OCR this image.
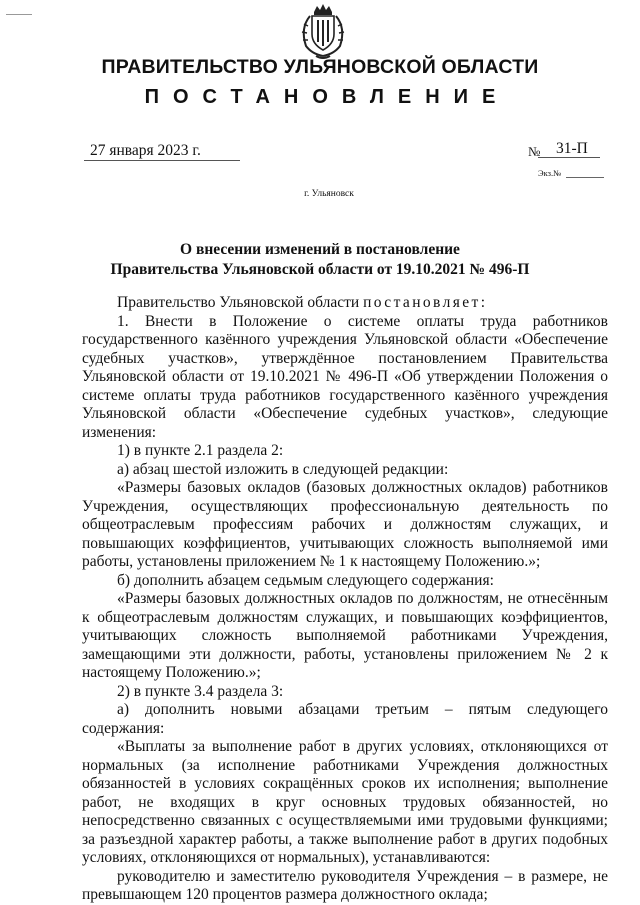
ПРАВИТЕЛЬСТВО УЛЬЯНОВСКОЙ ОБЛАСТИ
ПОСТАНОВЛЕНИЕ
27 января 2023 г.	№ 31-П
Экз.№
г. Ульяновск
О внесении изменений в постановление
Правительства Ульяновской области от 19.10.2021 № 496-П

Правительство Ульяновской области постановляет:

1. Внести в Положение о системе оплаты труда работников государственного казённого учреждения Ульяновской области «Обеспечение судебных участков», утверждённое постановлением Правительства Ульяновской области от 19.10.2021 № 496-П «Об утверждении Положения о системе оплаты труда работников государственного казённого учреждения Ульяновской области «Обеспечение судебных участков», следующие изменения:

1) в пункте 2.1 раздела 2:

а) абзац шестой изложить в следующей редакции:

«Размеры базовых окладов (базовых должностных окладов) работников Учреждения, осуществляющих профессиональную деятельность по общеотраслевым профессиям рабочих и должностям служащих, и повышающих коэффициентов, учитывающих сложность выполняемой ими работы, установлены приложением № 1 к настоящему Положению.»;

б) дополнить абзацем седьмым следующего содержания:

«Размеры базовых должностных окладов по должностям, не отнесённым к общеотраслевым должностям служащих, и повышающих коэффициентов, учитывающих сложность выполняемой работниками Учреждения, замещающими эти должности, работы, установлены приложением № 2 к настоящему Положению.»;

2) в пункте 3.4 раздела 3:

а) дополнить новыми абзацами третьим – пятым следующего содержания:

«Выплаты за выполнение работ в других условиях, отклоняющихся от нормальных (за исполнение работниками Учреждения должностных обязанностей в условиях сокращённых сроков их исполнения; выполнение работ, не входящих в круг основных трудовых обязанностей, но непосредственно связанных с осуществляемыми ими трудовыми функциями; за разъездной характер работы, а также выполнение работ в других подобных условиях, отклоняющихся от нормальных), устанавливаются:

руководителю и заместителю руководителя Учреждения – в размере, не превышающем 120 процентов размера должностного оклада;
